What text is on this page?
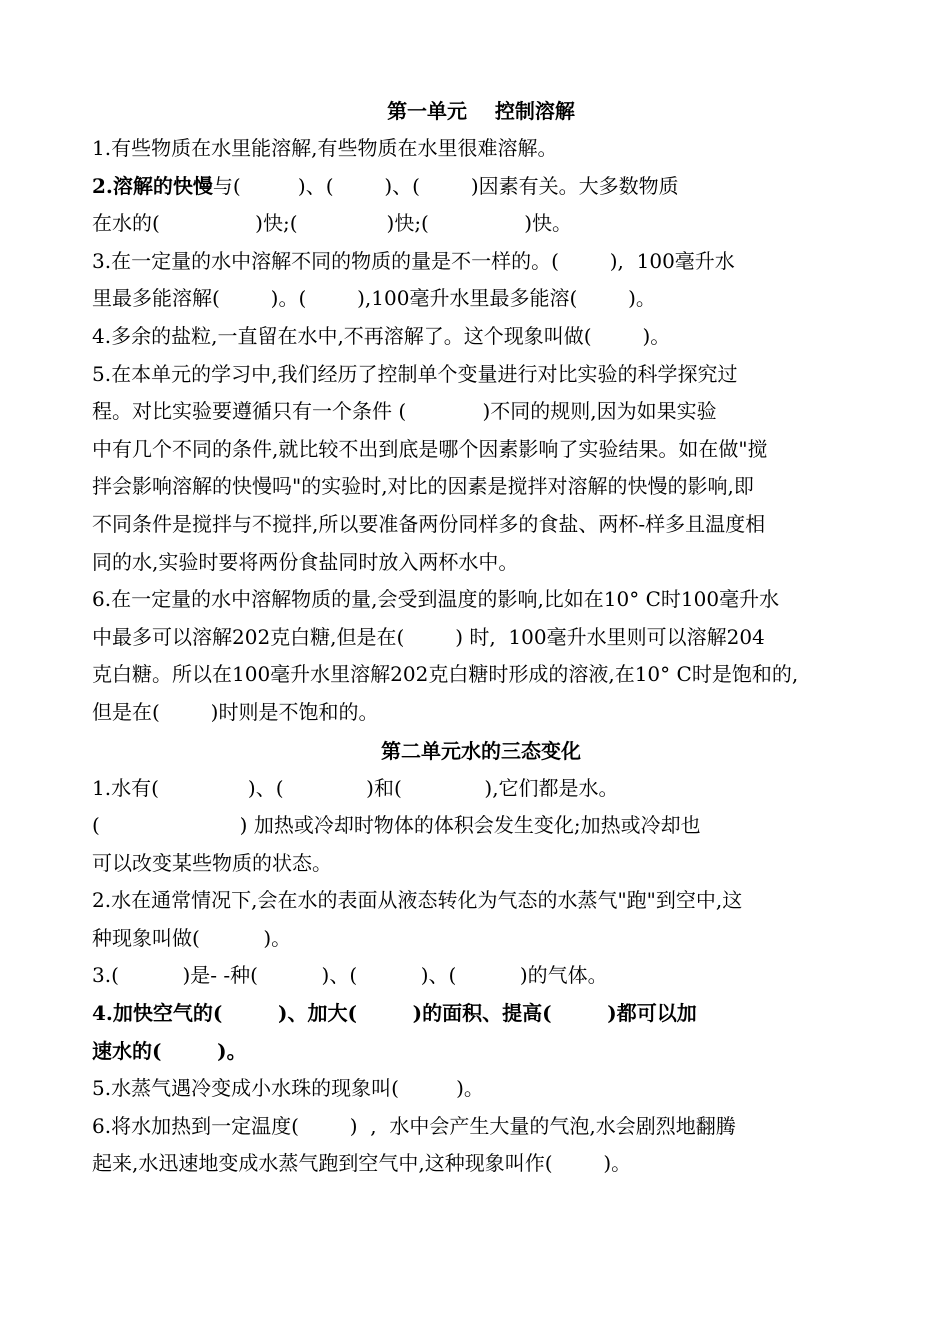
第一单元    控制溶解
1.有些物质在水里能溶解,有些物质在水里很难溶解。
2.溶解的快慢与(         )、(        )、(        )因素有关。大多数物质
在水的(               )快;(              )快;(               )快。
3.在一定量的水中溶解不同的物质的量是不一样的。(        ),  100毫升水
里最多能溶解(        )。(        ),100毫升水里最多能溶(        )。
4.多余的盐粒,一直留在水中,不再溶解了。这个现象叫做(        )。
5.在本单元的学习中,我们经历了控制单个变量进行对比实验的科学探究过
程。对比实验要遵循只有一个条件 (            )不同的规则,因为如果实验
中有几个不同的条件,就比较不出到底是哪个因素影响了实验结果。如在做"搅
拌会影响溶解的快慢吗"的实验时,对比的因素是搅拌对溶解的快慢的影响,即
不同条件是搅拌与不搅拌,所以要准备两份同样多的食盐、两杯-样多且温度相
同的水,实验时要将两份食盐同时放入两杯水中。
6.在一定量的水中溶解物质的量,会受到温度的影响,比如在10° C时100毫升水
中最多可以溶解202克白糖,但是在(        ) 时,  100毫升水里则可以溶解204
克白糖。所以在100毫升水里溶解202克白糖时形成的溶液,在10° C时是饱和的,
但是在(        )时则是不饱和的。
第二单元水的三态变化
1.水有(              )、(             )和(             ),它们都是水。
(                      ) 加热或冷却时物体的体积会发生变化;加热或冷却也
可以改变某些物质的状态。
2.水在通常情况下,会在水的表面从液态转化为气态的水蒸气"跑"到空中,这
种现象叫做(          )。
3.(          )是- -种(          )、(          )、(          )的气体。
4.加快空气的(        )、加大(        )的面积、提高(        )都可以加
速水的(        )。
5.水蒸气遇冷变成小水珠的现象叫(         )。
6.将水加热到一定温度(        )  ,  水中会产生大量的气泡,水会剧烈地翻腾
起来,水迅速地变成水蒸气跑到空气中,这种现象叫作(        )。
